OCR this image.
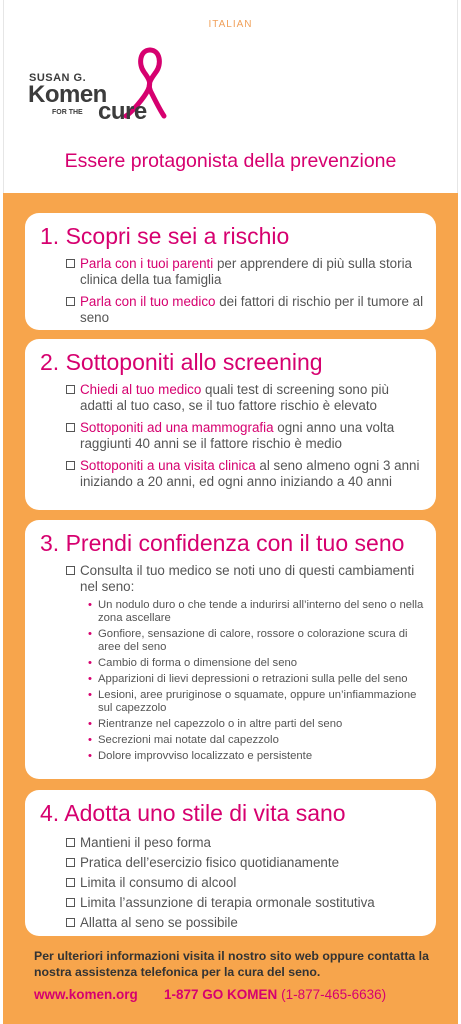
ITALIAN
SUSAN G.
Komen
FOR THE cure
Essere protagonista della prevenzione
1. Scopri se sei a rischio
Parla con i tuoi parenti per apprendere di più sulla storia clinica della tua famiglia
Parla con il tuo medico dei fattori di rischio per il tumore al seno
2. Sottoponiti allo screening
Chiedi al tuo medico quali test di screening sono più adatti al tuo caso, se il tuo fattore rischio è elevato
Sottoponiti ad una mammografia ogni anno una volta raggiunti 40 anni se il fattore rischio è medio
Sottoponiti a una visita clinica al seno almeno ogni 3 anni iniziando a 20 anni, ed ogni anno iniziando a 40 anni
3. Prendi confidenza con il tuo seno
Consulta il tuo medico se noti uno di questi cambiamenti nel seno:
• Un nodulo duro o che tende a indurirsi all’interno del seno o nella zona ascellare
• Gonfiore, sensazione di calore, rossore o colorazione scura di aree del seno
• Cambio di forma o dimensione del seno
• Apparizioni di lievi depressioni o retrazioni sulla pelle del seno
• Lesioni, aree pruriginose o squamate, oppure un’infiammazione sul capezzolo
• Rientranze nel capezzolo o in altre parti del seno
• Secrezioni mai notate dal capezzolo
• Dolore improvviso localizzato e persistente
4. Adotta uno stile di vita sano
Mantieni il peso forma
Pratica dell’esercizio fisico quotidianamente
Limita il consumo di alcool
Limita l’assunzione di terapia ormonale sostitutiva
Allatta al seno se possibile
Per ulteriori informazioni visita il nostro sito web oppure contatta la nostra assistenza telefonica per la cura del seno.
www.komen.org 1-877 GO KOMEN (1-877-465-6636)
